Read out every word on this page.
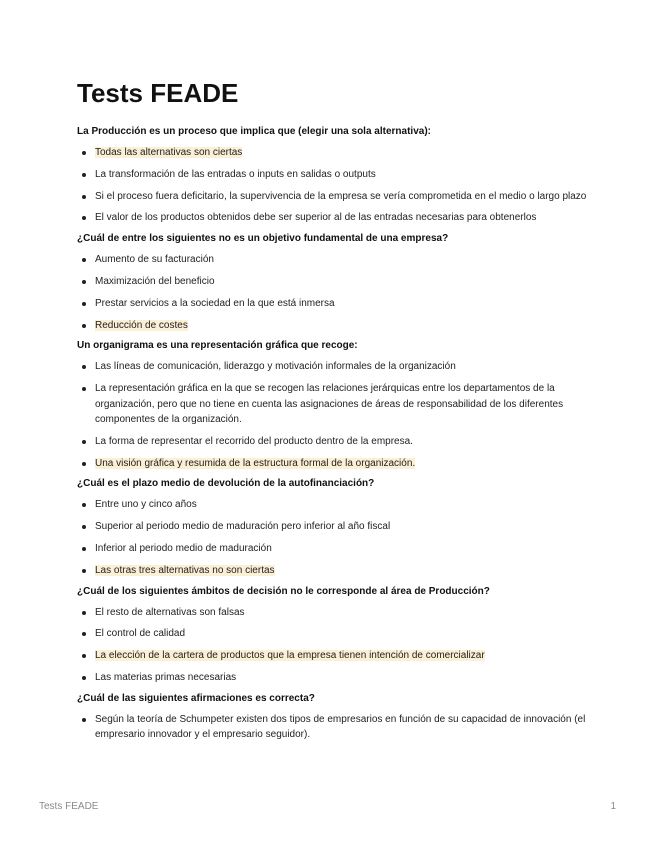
Tests FEADE
La Producción es un proceso que implica que (elegir una sola alternativa):
Todas las alternativas son ciertas
La transformación de las entradas o inputs en salidas o outputs
Si el proceso fuera deficitario, la supervivencia de la empresa se vería comprometida en el medio o largo plazo
El valor de los productos obtenidos debe ser superior al de las entradas necesarias para obtenerlos
¿Cuál de entre los siguientes no es un objetivo fundamental de una empresa?
Aumento de su facturación
Maximización del beneficio
Prestar servicios a la sociedad en la que está inmersa
Reducción de costes
Un organigrama es una representación gráfica que recoge:
Las líneas de comunicación, liderazgo y motivación informales de la organización
La representación gráfica en la que se recogen las relaciones jerárquicas entre los departamentos de la organización, pero que no tiene en cuenta las asignaciones de áreas de responsabilidad de los diferentes componentes de la organización.
La forma de representar el recorrido del producto dentro de la empresa.
Una visión gráfica y resumida de la estructura formal de la organización.
¿Cuál es el plazo medio de devolución de la autofinanciación?
Entre uno y cinco años
Superior al periodo medio de maduración pero inferior al año fiscal
Inferior al periodo medio de maduración
Las otras tres alternativas no son ciertas
¿Cuál de los siguientes ámbitos de decisión no le corresponde al área de Producción?
El resto de alternativas son falsas
El control de calidad
La elección de la cartera de productos que la empresa tienen intención de comercializar
Las materias primas necesarias
¿Cuál de las siguientes afirmaciones es correcta?
Según la teoría de Schumpeter existen dos tipos de empresarios en función de su capacidad de innovación (el empresario innovador y el empresario seguidor).
Tests FEADE	1
